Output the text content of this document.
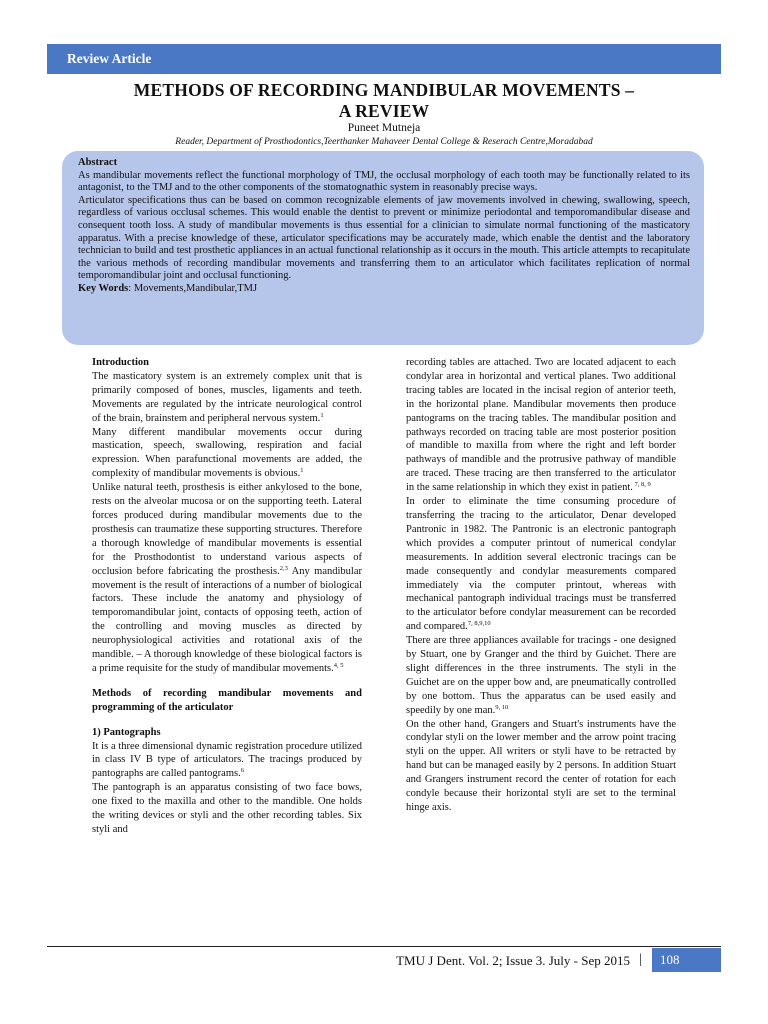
Review Article
METHODS OF RECORDING MANDIBULAR MOVEMENTS –
A REVIEW
Puneet Mutneja
Reader, Department of Prosthodontics,Teerthanker Mahaveer Dental College & Reserach Centre,Moradabad
Abstract

As mandibular movements reflect the functional morphology of TMJ, the occlusal morphology of each tooth may be functionally related to its antagonist, to the TMJ and to the other components of the stomatognathic system in reasonably precise ways.

Articulator specifications thus can be based on common recognizable elements of jaw movements involved in chewing, swallowing, speech, regardless of various occlusal schemes. This would enable the dentist to prevent or minimize periodontal and temporomandibular disease and consequent tooth loss. A study of mandibular movements is thus essential for a clinician to simulate normal functioning of the masticatory apparatus. With a precise knowledge of these, articulator specifications may be accurately made, which enable the dentist and the laboratory technician to build and test prosthetic appliances in an actual functional relationship as it occurs in the mouth. This article attempts to recapitulate the various methods of recording mandibular movements and transferring them to an articulator which facilitates replication of normal temporomandibular joint and occlusal functioning.

Key Words: Movements,Mandibular,TMJ

Introduction

The masticatory system is an extremely complex unit that is primarily composed of bones, muscles, ligaments and teeth. Movements are regulated by the intricate neurological control of the brain, brainstem and peripheral nervous system.$^1$

Many different mandibular movements occur during mastication, speech, swallowing, respiration and facial expression. When parafunctional movements are added, the complexity of mandibular movements is obvious.$^1$

Unlike natural teeth, prosthesis is either ankylosed to the bone, rests on the alveolar mucosa or on the supporting teeth. Lateral forces produced during mandibular movements due to the prosthesis can traumatize these supporting structures. Therefore a thorough knowledge of mandibular movements is essential for the Prosthodontist to understand various aspects of occlusion before fabricating the prosthesis.$^{2,3}$ Any mandibular movement is the result of interactions of a number of biological factors. These include the anatomy and physiology of temporomandibular joint, contacts of opposing teeth, action of the controlling and moving muscles as directed by neurophysiological activities and rotational axis of the mandible. – A thorough knowledge of these biological factors is a prime requisite for the study of mandibular movements.$^{4, 5}$

Methods of recording mandibular movements and programming of the articulator
1) Pantographs

It is a three dimensional dynamic registration procedure utilized in class IV B type of articulators. The tracings produced by pantographs are called pantograms.$^6$

The pantograph is an apparatus consisting of two face bows, one fixed to the maxilla and other to the mandible. One holds the writing devices or styli and the other recording tables. Six styli and

recording tables are attached. Two are located adjacent to each condylar area in horizontal and vertical planes. Two additional tracing tables are located in the incisal region of anterior teeth, in the horizontal plane. Mandibular movements then produce pantograms on the tracing tables. The mandibular position and pathways recorded on tracing table are most posterior position of mandible to maxilla from where the right and left border pathways of mandible and the protrusive pathway of mandible are traced. These tracing are then transferred to the articulator in the same relationship in which they exist in patient. $^{7, 8, 9}$

In order to eliminate the time consuming procedure of transferring the tracing to the articulator, Denar developed Pantronic in 1982. The Pantronic is an electronic pantograph which provides a computer printout of numerical condylar measurements. In addition several electronic tracings can be made consequently and condylar measurements compared immediately via the computer printout, whereas with mechanical pantograph individual tracings must be transferred to the articulator before condylar measurement can be recorded and compared.$^{7, 8,9,10}$

There are three appliances available for tracings - one designed by Stuart, one by Granger and the third by Guichet. There are slight differences in the three instruments. The styli in the Guichet are on the upper bow and, are pneumatically controlled by one bottom. Thus the apparatus can be used easily and speedily by one man.$^{9, 10}$

On the other hand, Grangers and Stuart's instruments have the condylar styli on the lower member and the arrow point tracing styli on the upper. All writers or styli have to be retracted by hand but can be managed easily by 2 persons. In addition Stuart and Grangers instrument record the center of rotation for each condyle because their horizontal styli are set to the terminal hinge axis.

TMU J Dent. Vol. 2; Issue 3. July - Sep 2015 |	108
